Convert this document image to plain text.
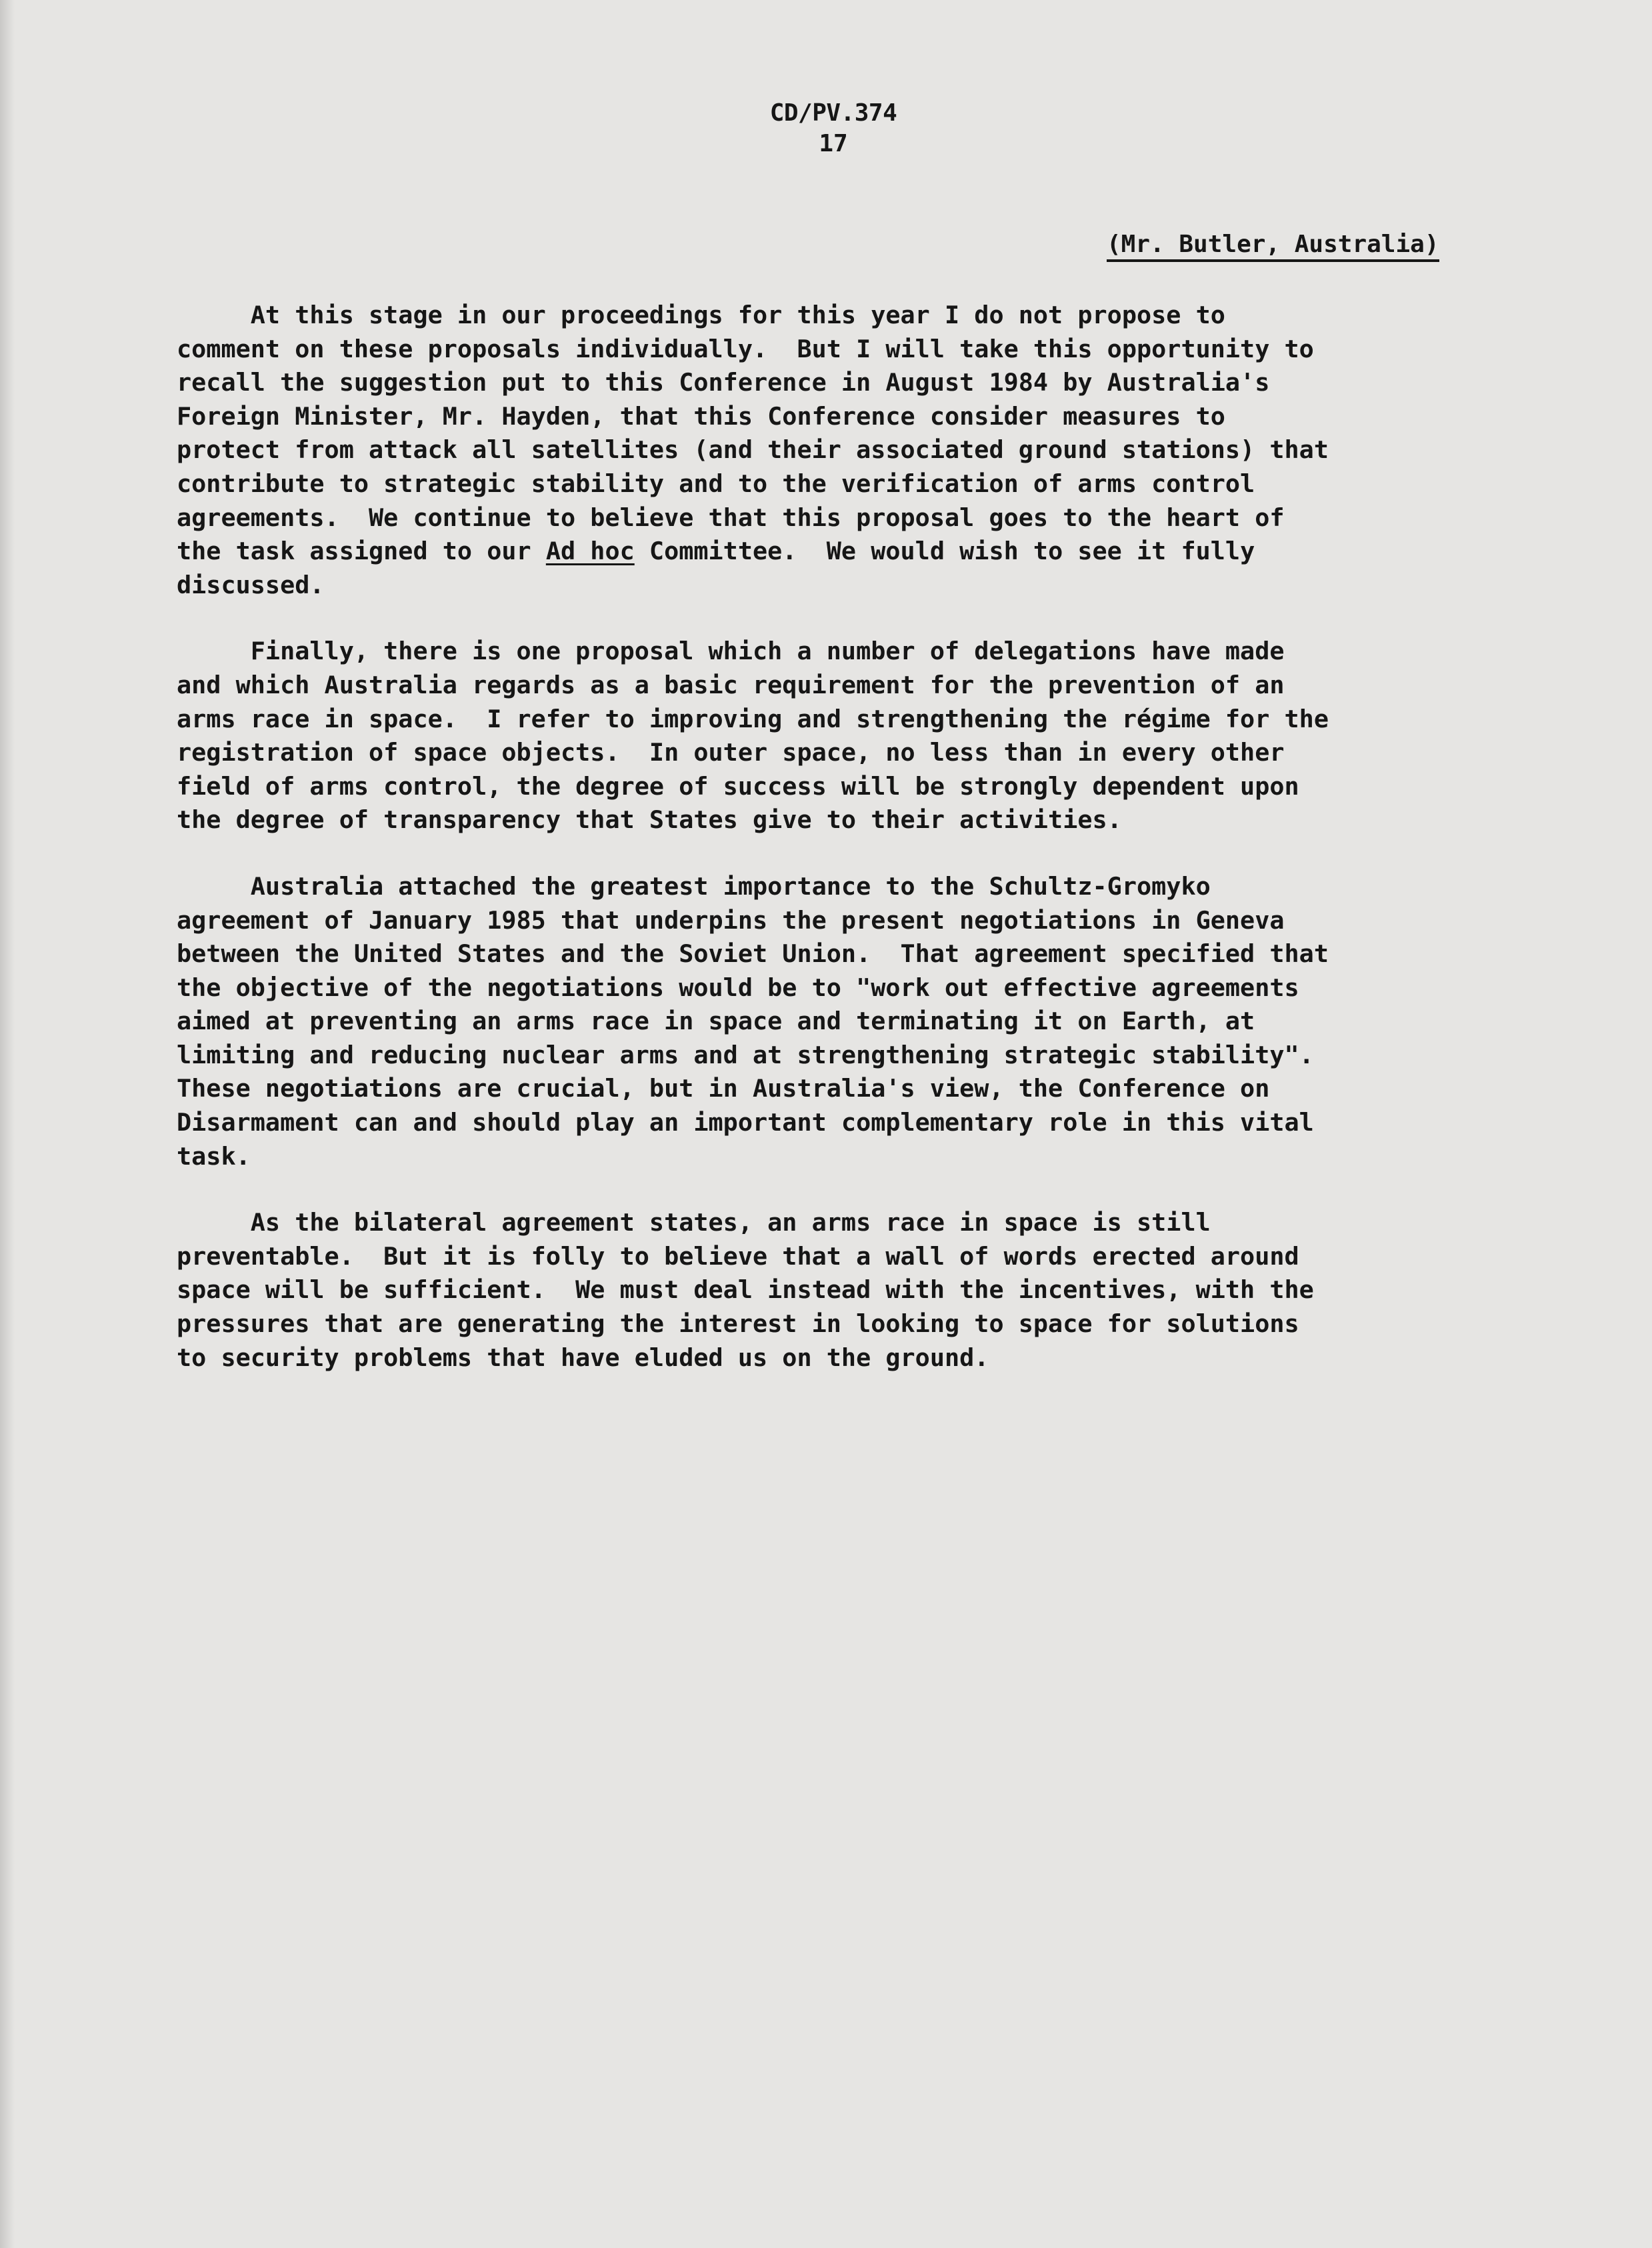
CD/PV.374
17
(Mr. Butler, Australia)
At this stage in our proceedings for this year I do not propose to
comment on these proposals individually.  But I will take this opportunity to
recall the suggestion put to this Conference in August 1984 by Australia's
Foreign Minister, Mr. Hayden, that this Conference consider measures to
protect from attack all satellites (and their associated ground stations) that
contribute to strategic stability and to the verification of arms control
agreements.  We continue to believe that this proposal goes to the heart of
the task assigned to our Ad hoc Committee.  We would wish to see it fully
discussed.
Finally, there is one proposal which a number of delegations have made
and which Australia regards as a basic requirement for the prevention of an
arms race in space.  I refer to improving and strengthening the régime for the
registration of space objects.  In outer space, no less than in every other
field of arms control, the degree of success will be strongly dependent upon
the degree of transparency that States give to their activities.
Australia attached the greatest importance to the Schultz-Gromyko
agreement of January 1985 that underpins the present negotiations in Geneva
between the United States and the Soviet Union.  That agreement specified that
the objective of the negotiations would be to "work out effective agreements
aimed at preventing an arms race in space and terminating it on Earth, at
limiting and reducing nuclear arms and at strengthening strategic stability".
These negotiations are crucial, but in Australia's view, the Conference on
Disarmament can and should play an important complementary role in this vital
task.
As the bilateral agreement states, an arms race in space is still
preventable.  But it is folly to believe that a wall of words erected around
space will be sufficient.  We must deal instead with the incentives, with the
pressures that are generating the interest in looking to space for solutions
to security problems that have eluded us on the ground.
